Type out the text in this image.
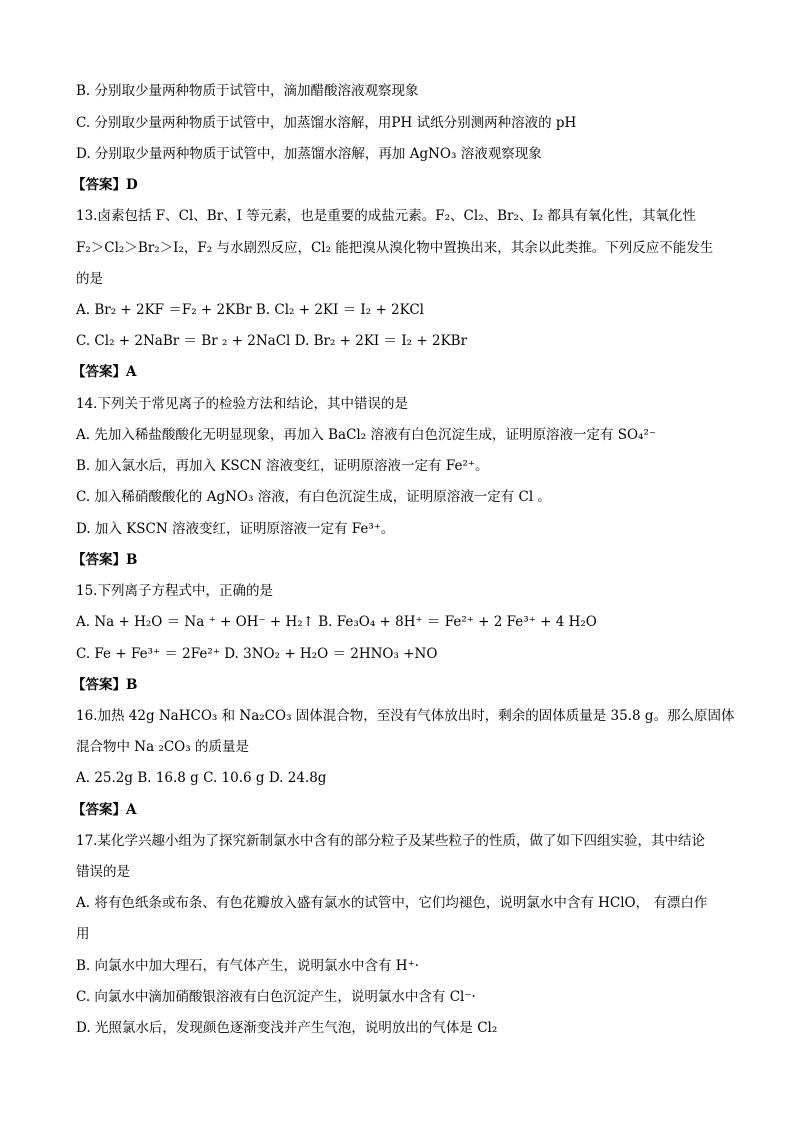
B. 分别取少量两种物质于试管中，滴加醋酸溶液观察现象
C. 分别取少量两种物质于试管中，加蒸馏水溶解，用PH 试纸分别测两种溶液的 pH
D. 分别取少量两种物质于试管中，加蒸馏水溶解，再加 AgNO₃ 溶液观察现象
【答案】D
13.卤素包括 F、Cl、Br、I 等元素，也是重要的成盐元素。F₂、Cl₂、Br₂、I₂ 都具有氧化性，其氧化性
F₂＞Cl₂＞Br₂＞I₂，F₂ 与水剧烈反应，Cl₂ 能把溴从溴化物中置换出来，其余以此类推。下列反应不能发生
的是
A. Br₂ + 2KF ＝F₂ + 2KBr B. Cl₂ + 2KI ＝ I₂ + 2KCl
C. Cl₂ + 2NaBr ＝ Br ₂ + 2NaCl D. Br₂ + 2KI ＝ I₂ + 2KBr
【答案】A
14.下列关于常见离子的检验方法和结论，其中错误的是
A. 先加入稀盐酸酸化无明显现象，再加入 BaCl₂ 溶液有白色沉淀生成，证明原溶液一定有 SO₄²⁻
B. 加入氯水后，再加入 KSCN 溶液变红，证明原溶液一定有 Fe²⁺。
C. 加入稀硝酸酸化的 AgNO₃ 溶液，有白色沉淀生成，证明原溶液一定有 Cl 。
D. 加入 KSCN 溶液变红，证明原溶液一定有 Fe³⁺。
【答案】B
15.下列离子方程式中，正确的是
A. Na + H₂O ＝ Na ⁺ + OH⁻ + H₂↑ B. Fe₃O₄ + 8H⁺ ＝ Fe²⁺ + 2 Fe³⁺ + 4 H₂O
C. Fe + Fe³⁺ ＝ 2Fe²⁺ D. 3NO₂ + H₂O ＝ 2HNO₃ +NO
【答案】B
16.加热 42g NaHCO₃ 和 Na₂CO₃ 固体混合物，至没有气体放出时，剩余的固体质量是 35.8 g。那么原固体
混合物中 Na ₂CO₃ 的质量是
A. 25.2g B. 16.8 g C. 10.6 g D. 24.8g
【答案】A
17.某化学兴趣小组为了探究新制氯水中含有的部分粒子及某些粒子的性质，做了如下四组实验，其中结论
错误的是
A. 将有色纸条或布条、有色花瓣放入盛有氯水的试管中，它们均褪色，说明氯水中含有 HClO， 有漂白作
用
B. 向氯水中加大理石，有气体产生，说明氯水中含有 H⁺·
C. 向氯水中滴加硝酸银溶液有白色沉淀产生，说明氯水中含有 Cl⁻·
D. 光照氯水后，发现颜色逐渐变浅并产生气泡，说明放出的气体是 Cl₂
